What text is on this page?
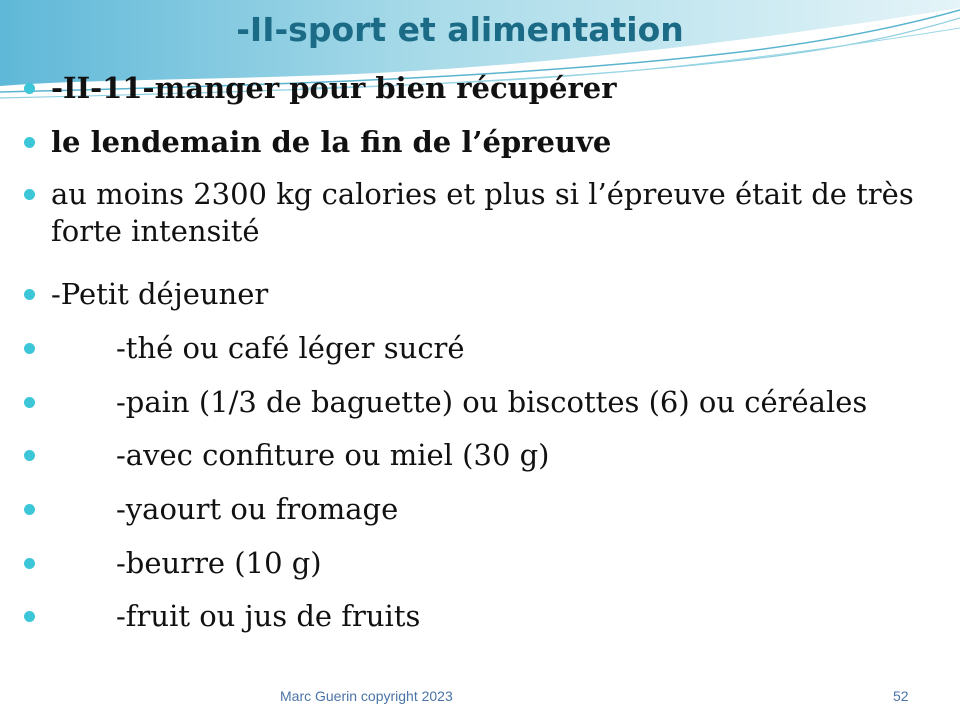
-II-sport et alimentation
-II-11-manger pour bien récupérer
le lendemain de la fin de l’épreuve
au moins 2300 kg calories et plus si l’épreuve était de très forte intensité
-Petit déjeuner
-thé ou café léger sucré
-pain (1/3 de baguette) ou biscottes (6) ou céréales
-avec confiture ou miel (30 g)
-yaourt ou fromage
-beurre (10 g)
-fruit ou jus de fruits
Marc Guerin copyright 2023	52
